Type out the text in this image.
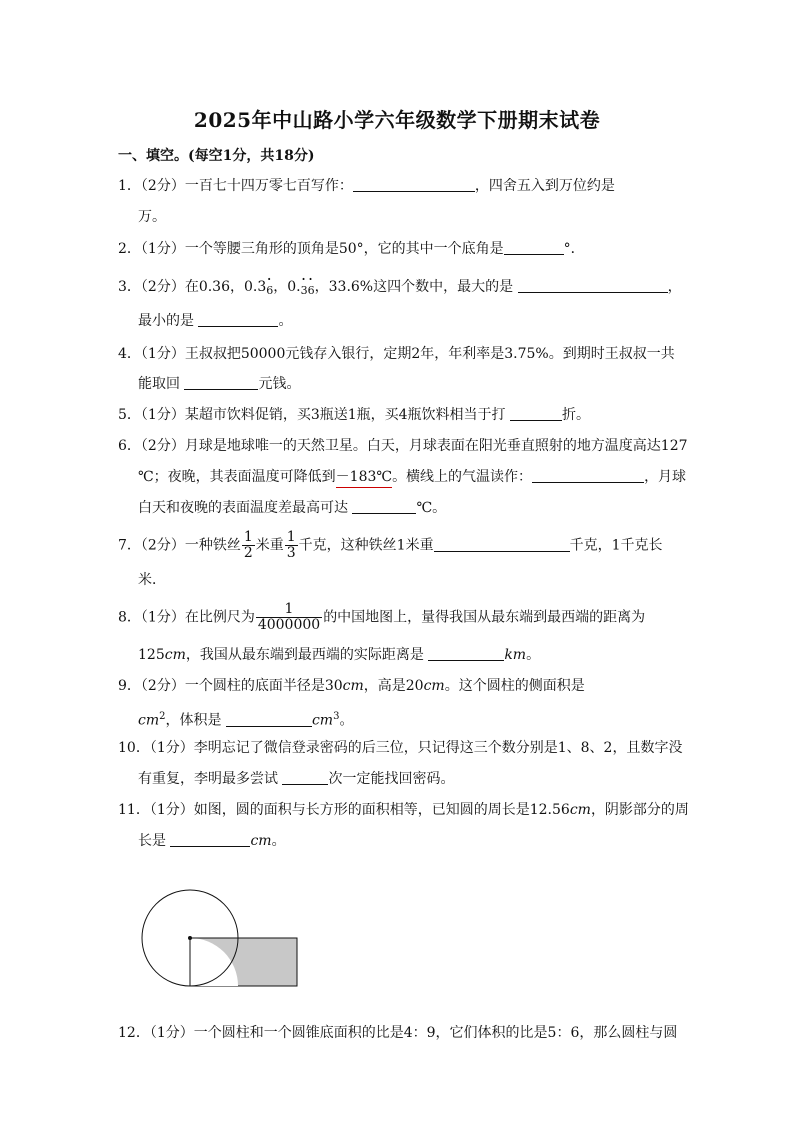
2025年中山路小学六年级数学下册期末试卷
一、填空。(每空1分，共18分)
1．（2分）一百七十四万零七百写作：	，四舍五入到万位约是
万。
2．（1分）一个等腰三角形的顶角是50°，它的其中一个底角是	°．
3．（2分）在0.36，0.3· 6，0.· 3· 6，33.6%这四个数中，最大的是	，
最小的是	。
4．（1分）王叔叔把50000元钱存入银行，定期2年，年利率是3.75%。到期时王叔叔一共
能取回	元钱。
5．（1分）某超市饮料促销，买3瓶送1瓶，买4瓶饮料相当于打	折。
6．（2分）月球是地球唯一的天然卫星。白天，月球表面在阳光垂直照射的地方温度高达127
℃；夜晚，其表面温度可降低到－183℃。横线上的气温读作：	，月球
白天和夜晚的表面温度差最高可达	℃。
7．（2分）一种铁丝 $\frac{1}{2}$ 米重 $\frac{1}{3}$ 千克，这种铁丝1米重	千克，1千克长
米．
8．（1分）在比例尺为 $\frac{1}{4000000}$ 的中国地图上，量得我国从最东端到最西端的距离为
125cm，我国从最东端到最西端的实际距离是	km。
9．（2分）一个圆柱的底面半径是30cm，高是20cm。这个圆柱的侧面积是
$cm^2$，体积是	$cm^3$。
10．（1分）李明忘记了微信登录密码的后三位，只记得这三个数分别是1、8、2，且数字没
有重复，李明最多尝试	次一定能找回密码。
11．（1分）如图，圆的面积与长方形的面积相等，已知圆的周长是12.56cm，阴影部分的周
长是	cm。
12．（1分）一个圆柱和一个圆锥底面积的比是4：9，它们体积的比是5：6，那么圆柱与圆
